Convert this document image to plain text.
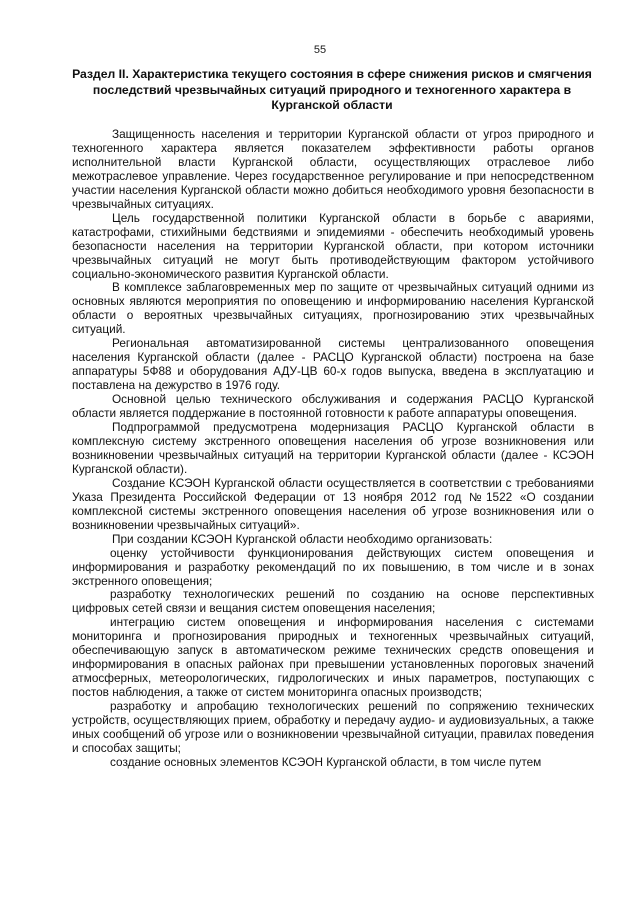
55
Раздел II. Характеристика текущего состояния в сфере снижения рисков и смягчения последствий чрезвычайных ситуаций природного и техногенного характера в Курганской области

Защищенность населения и территории Курганской области от угроз природного и техногенного характера является показателем эффективности работы органов исполнительной власти Курганской области, осуществляющих отраслевое либо межотраслевое управление. Через государственное регулирование и при непосредственном участии населения Курганской области можно добиться необходимого уровня безопасности в чрезвычайных ситуациях.

Цель государственной политики Курганской области в борьбе с авариями, катастрофами, стихийными бедствиями и эпидемиями - обеспечить необходимый уровень безопасности населения на территории Курганской области, при котором источники чрезвычайных ситуаций не могут быть противодействующим фактором устойчивого социально-экономического развития Курганской области.

В комплексе заблаговременных мер по защите от чрезвычайных ситуаций одними из основных являются мероприятия по оповещению и информированию населения Курганской области о вероятных чрезвычайных ситуациях, прогнозированию этих чрезвычайных ситуаций.

Региональная автоматизированной системы централизованного оповещения населения Курганской области (далее - РАСЦО Курганской области) построена на базе аппаратуры 5Ф88 и оборудования АДУ-ЦВ 60-х годов выпуска, введена в эксплуатацию и поставлена на дежурство в 1976 году.

Основной целью технического обслуживания и содержания РАСЦО Курганской области является поддержание в постоянной готовности к работе аппаратуры оповещения.

Подпрограммой предусмотрена модернизация РАСЦО Курганской области в комплексную систему экстренного оповещения населения об угрозе возникновения или возникновении чрезвычайных ситуаций на территории Курганской области (далее - КСЭОН Курганской области).

Создание КСЭОН Курганской области осуществляется в соответствии с требованиями Указа Президента Российской Федерации от 13 ноября 2012 год №1522 «О создании комплексной системы экстренного оповещения населения об угрозе возникновения или о возникновении чрезвычайных ситуаций».

При создании КСЭОН Курганской области необходимо организовать:

оценку устойчивости функционирования действующих систем оповещения и информирования и разработку рекомендаций по их повышению, в том числе и в зонах экстренного оповещения;

разработку технологических решений по созданию на основе перспективных цифровых сетей связи и вещания систем оповещения населения;

интеграцию систем оповещения и информирования населения с системами мониторинга и прогнозирования природных и техногенных чрезвычайных ситуаций, обеспечивающую запуск в автоматическом режиме технических средств оповещения и информирования в опасных районах при превышении установленных пороговых значений атмосферных, метеорологических, гидрологических и иных параметров, поступающих с постов наблюдения, а также от систем мониторинга опасных производств;

разработку и апробацию технологических решений по сопряжению технических устройств, осуществляющих прием, обработку и передачу аудио- и аудиовизуальных, а также иных сообщений об угрозе или о возникновении чрезвычайной ситуации, правилах поведения и способах защиты;

создание основных элементов КСЭОН Курганской области, в том числе путем
